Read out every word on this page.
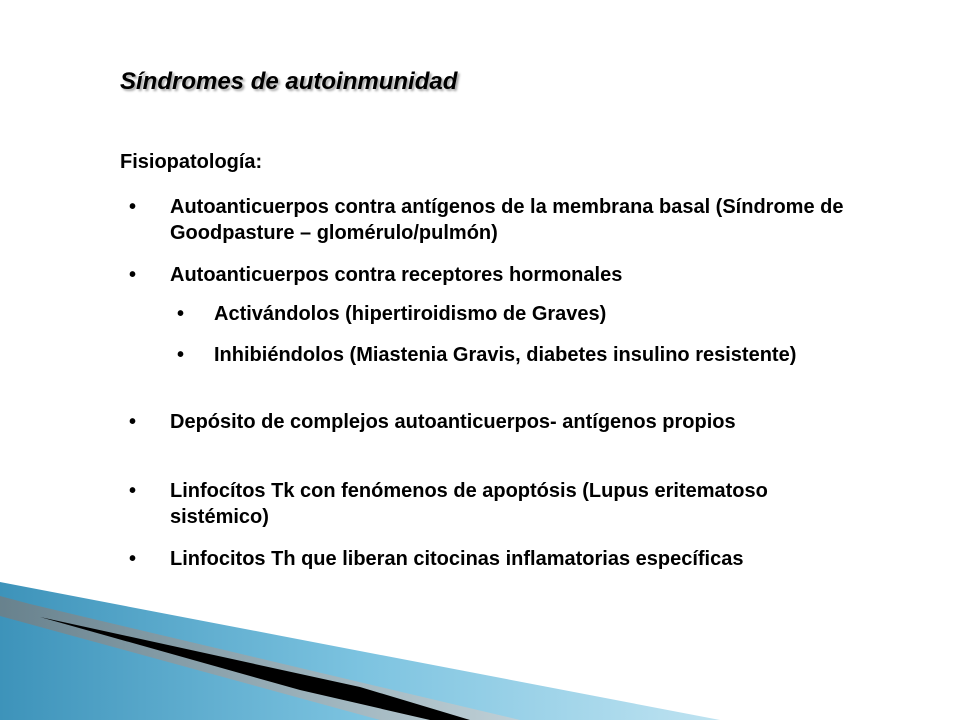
Síndromes de autoinmunidad
Fisiopatología:
• Autoanticuerpos contra antígenos de la membrana basal (Síndrome de Goodpasture – glomérulo/pulmón)
• Autoanticuerpos contra receptores hormonales
• Activándolos (hipertiroidismo de Graves)
• Inhibiéndolos (Miastenia Gravis, diabetes insulino resistente)
• Depósito de complejos autoanticuerpos- antígenos propios
• Linfocítos Tk con fenómenos de apoptósis (Lupus eritematoso sistémico)
• Linfocitos Th que liberan citocinas inflamatorias específicas
